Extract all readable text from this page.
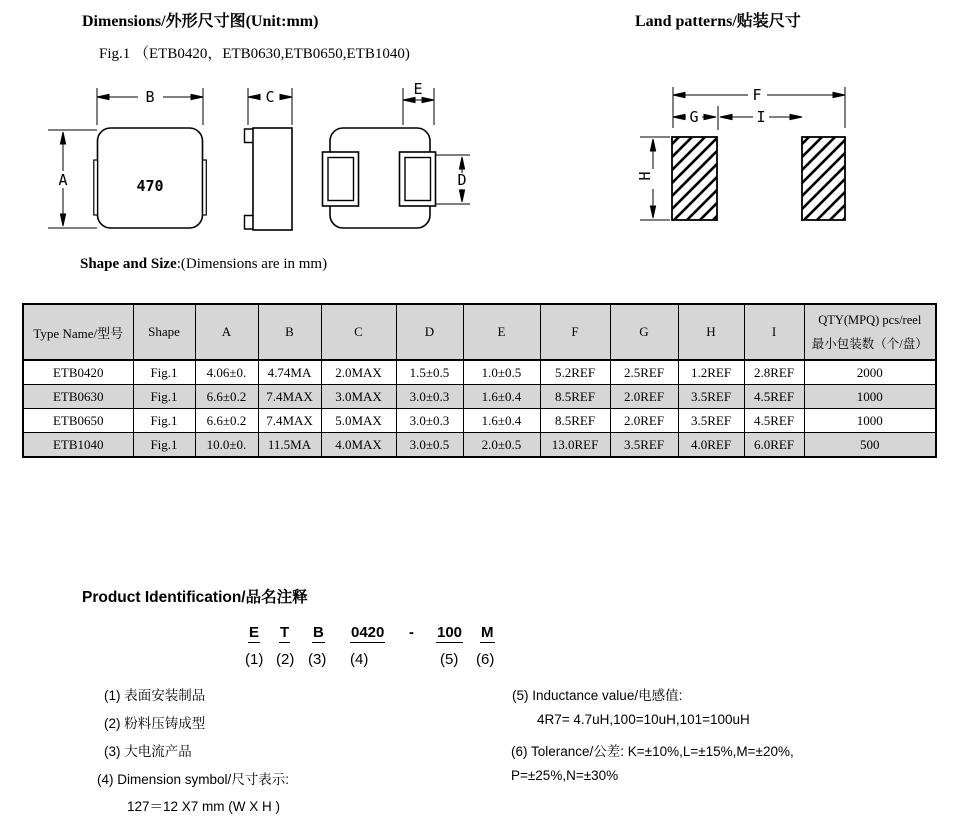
Dimensions/外形尺寸图(Unit:mm)	Land patterns/贴装尺寸
Fig.1 （ETB0420，ETB0630,ETB0650,ETB1040)
A
B
470
C	E
D
F
G	I
H
Shape and Size:(Dimensions are in mm)
Type Name/型号	Shape	A	B	C	D	E	F	G	H	I	QTY(MPQ) pcs/reel
最小包装数（个/盘）

ETB0420	Fig.1	4.06±0.	4.74MA	2.0MAX	1.5±0.5	1.0±0.5	5.2REF	2.5REF	1.2REF	2.8REF	2000
ETB0630	Fig.1	6.6±0.2	7.4MAX	3.0MAX	3.0±0.3	1.6±0.4	8.5REF	2.0REF	3.5REF	4.5REF	1000
ETB0650	Fig.1	6.6±0.2	7.4MAX	5.0MAX	3.0±0.3	1.6±0.4	8.5REF	2.0REF	3.5REF	4.5REF	1000
ETB1040	Fig.1	10.0±0.	11.5MA	4.0MAX	3.0±0.5	2.0±0.5	13.0REF	3.5REF	4.0REF	6.0REF	500
Product Identification/品名注释
E T B 0420 - 100 M
(1) (2) (3) (4)	(5) (6)
(1) 表面安装制品
(2) 粉料压铸成型
(3) 大电流产品
(4) Dimension symbol/尺寸表示:
127＝12 X7 mm (W X H )
(5) Inductance value/电感值:
4R7= 4.7uH,100=10uH,101=100uH
(6) Tolerance/公差: K=±10%,L=±15%,M=±20%,
P=±25%,N=±30%
